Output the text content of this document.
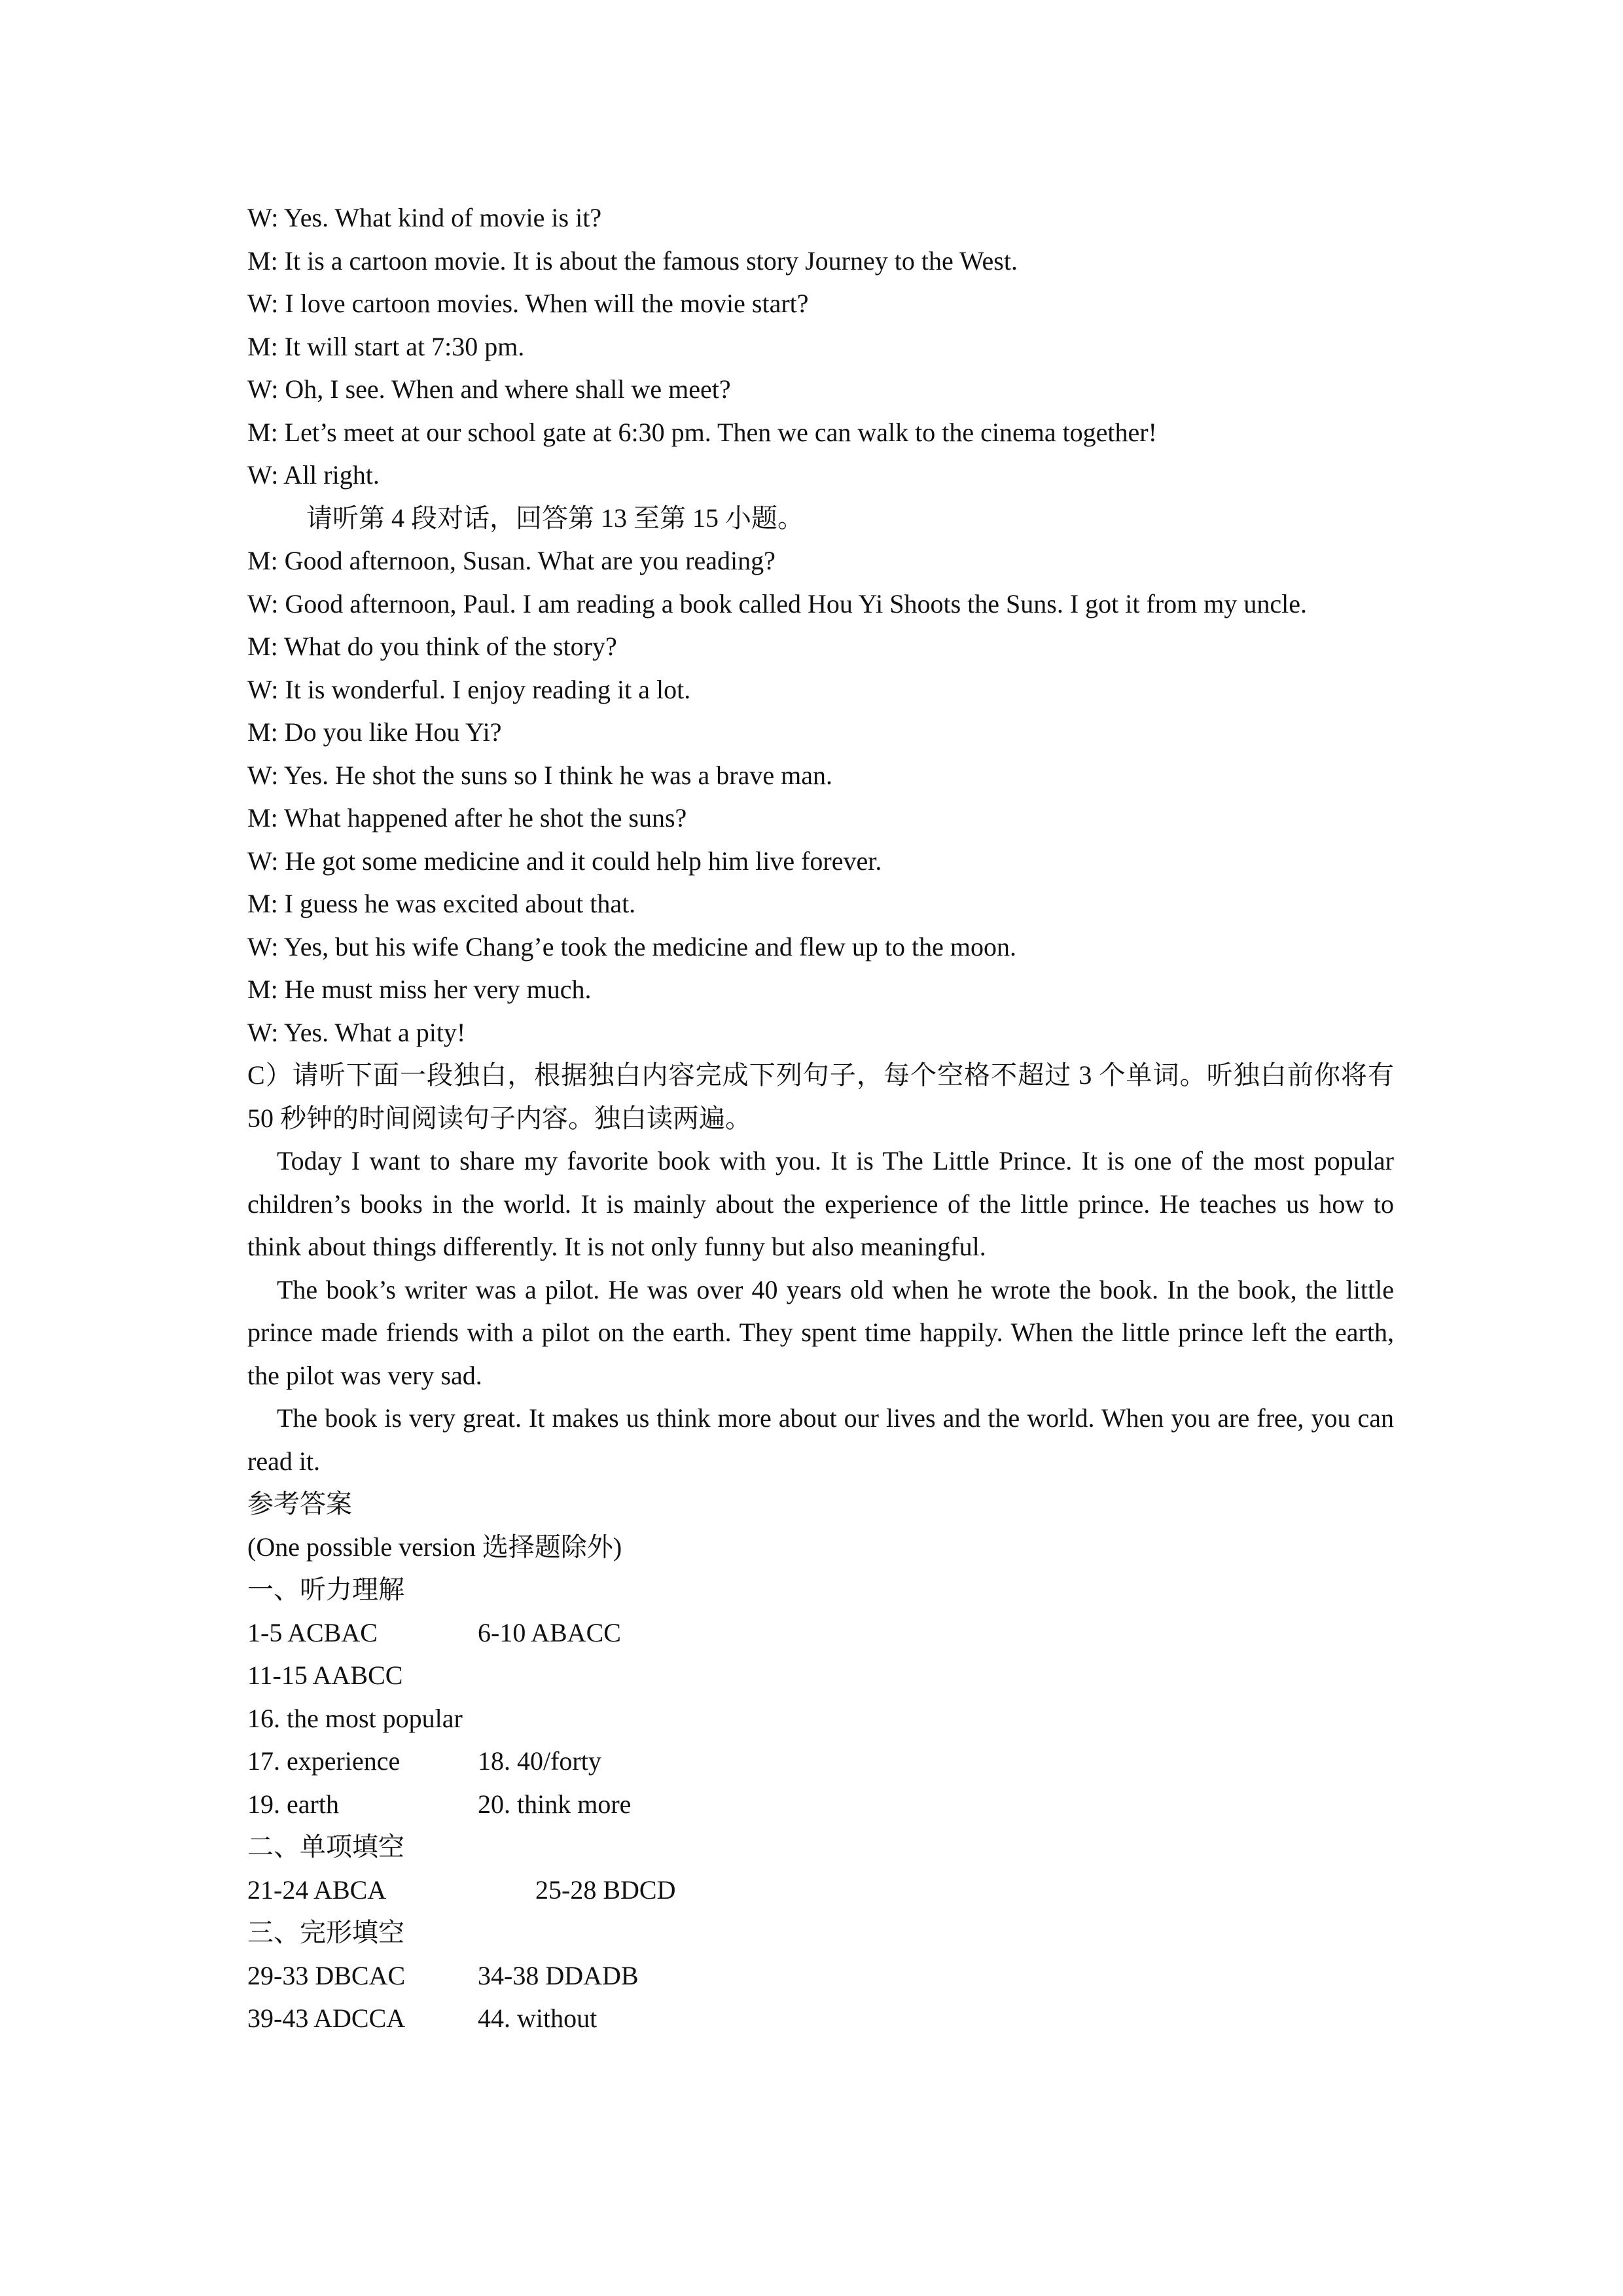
W: Yes. What kind of movie is it?

M: It is a cartoon movie. It is about the famous story Journey to the West.

W: I love cartoon movies. When will the movie start?

M: It will start at 7:30 pm.

W: Oh, I see. When and where shall we meet?

M: Let’s meet at our school gate at 6:30 pm. Then we can walk to the cinema together!

W: All right.

请听第 4 段对话，回答第 13 至第 15 小题。

M: Good afternoon, Susan. What are you reading?

W: Good afternoon, Paul. I am reading a book called Hou Yi Shoots the Suns. I got it from my uncle.

M: What do you think of the story?

W: It is wonderful. I enjoy reading it a lot.

M: Do you like Hou Yi?

W: Yes. He shot the suns so I think he was a brave man.

M: What happened after he shot the suns?

W: He got some medicine and it could help him live forever.

M: I guess he was excited about that.

W: Yes, but his wife Chang’e took the medicine and flew up to the moon.

M: He must miss her very much.

W: Yes. What a pity!

C）请听下面一段独白，根据独白内容完成下列句子，每个空格不超过 3 个单词。听独白前你将有 50 秒钟的时间阅读句子内容。独白读两遍。

Today I want to share my favorite book with you. It is The Little Prince. It is one of the most popular children’s books in the world. It is mainly about the experience of the little prince. He teaches us how to think about things differently. It is not only funny but also meaningful.

The book’s writer was a pilot. He was over 40 years old when he wrote the book. In the book, the little prince made friends with a pilot on the earth. They spent time happily. When the little prince left the earth, the pilot was very sad.

The book is very great. It makes us think more about our lives and the world. When you are free, you can read it.

参考答案

(One possible version 选择题除外)

一、听力理解

1-5 ACBAC	6-10 ABACC
11-15 AABCC
16. the most popular
17. experience	18. 40/forty
19. earth	20. think more

二、单项填空

21-24 ABCA	25-28 BDCD

三、完形填空

29-33 DBCAC	34-38 DDADB
39-43 ADCCA	44. without
